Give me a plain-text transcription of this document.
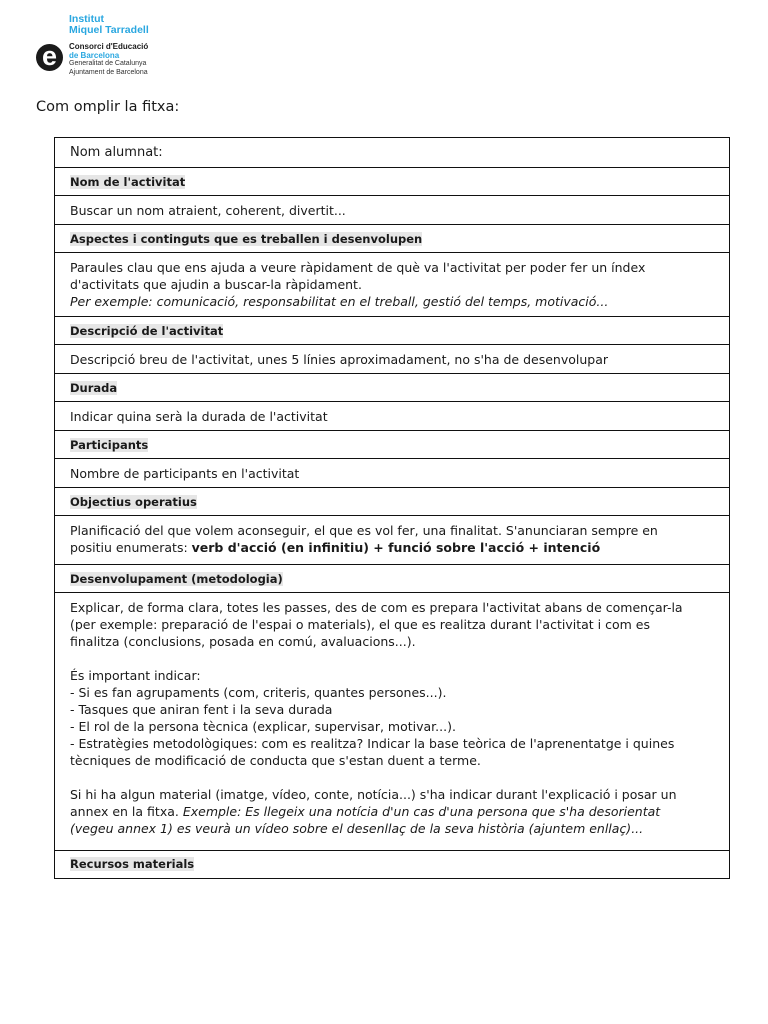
Institut
Miquel Tarradell
e	Consorci d'Educació
de Barcelona
Generalitat de Catalunya
Ajuntament de Barcelona
Com omplir la fitxa:
Nom alumnat:
Nom de l'activitat
Buscar un nom atraient, coherent, divertit...
Aspectes i continguts que es treballen i desenvolupen

Paraules clau que ens ajuda a veure ràpidament de què va l'activitat per poder fer un índex

d'activitats que ajudin a buscar-la ràpidament.

Per exemple: comunicació, responsabilitat en el treball, gestió del temps, motivació...

Descripció de l'activitat
Descripció breu de l'activitat, unes 5 línies aproximadament, no s'ha de desenvolupar
Durada
Indicar quina serà la durada de l'activitat
Participants
Nombre de participants en l'activitat
Objectius operatius

Planificació del que volem aconseguir, el que es vol fer, una finalitat. S'anunciaran sempre en

positiu enumerats: verb d'acció (en infinitiu) + funció sobre l'acció + intenció

Desenvolupament (metodologia)

Explicar, de forma clara, totes les passes, des de com es prepara l'activitat abans de començar-la

(per exemple: preparació de l'espai o materials), el que es realitza durant l'activitat i com es

finalitza (conclusions, posada en comú, avaluacions...).

És important indicar:

- Si es fan agrupaments (com, criteris, quantes persones...).

- Tasques que aniran fent i la seva durada

- El rol de la persona tècnica (explicar, supervisar, motivar...).

- Estratègies metodològiques: com es realitza? Indicar la base teòrica de l'aprenentatge i quines

tècniques de modificació de conducta que s'estan duent a terme.

Si hi ha algun material (imatge, vídeo, conte, notícia...) s'ha indicar durant l'explicació i posar un

annex en la fitxa. Exemple: Es llegeix una notícia d'un cas d'una persona que s'ha desorientat

(vegeu annex 1) es veurà un vídeo sobre el desenllaç de la seva història (ajuntem enllaç)...

Recursos materials
